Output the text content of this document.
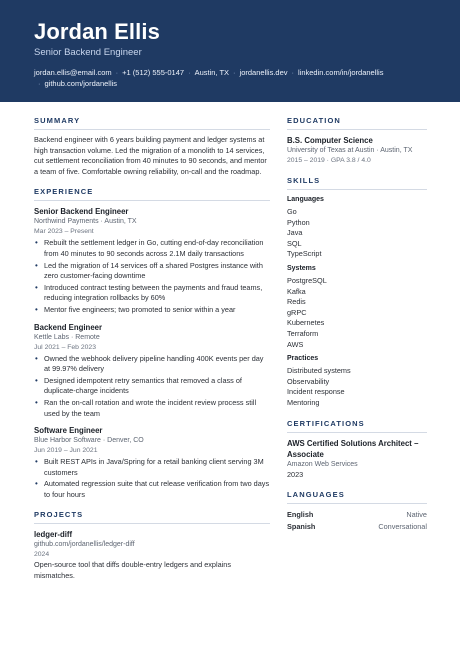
Jordan Ellis
Senior Backend Engineer
jordan.ellis@email.com · +1 (512) 555-0147 · Austin, TX · jordanellis.dev · linkedin.com/in/jordanellis
· github.com/jordanellis
SUMMARY
Backend engineer with 6 years building payment and ledger systems at high transaction volume. Led the migration of a monolith to 14 services, cut settlement reconciliation from 40 minutes to 90 seconds, and mentor a team of five. Comfortable owning reliability, on-call and the roadmap.
EXPERIENCE
Senior Backend Engineer
Northwind Payments · Austin, TX
Mar 2023 – Present
• Rebuilt the settlement ledger in Go, cutting end-of-day reconciliation from 40 minutes to 90 seconds across 2.1M daily transactions
• Led the migration of 14 services off a shared Postgres instance with zero customer-facing downtime
• Introduced contract testing between the payments and fraud teams, reducing integration rollbacks by 60%
• Mentor five engineers; two promoted to senior within a year
Backend Engineer
Kettle Labs · Remote
Jul 2021 – Feb 2023
• Owned the webhook delivery pipeline handling 400K events per day at 99.97% delivery
• Designed idempotent retry semantics that removed a class of duplicate-charge incidents
• Ran the on-call rotation and wrote the incident review process still used by the team
Software Engineer
Blue Harbor Software · Denver, CO
Jun 2019 – Jun 2021
• Built REST APIs in Java/Spring for a retail banking client serving 3M customers
• Automated regression suite that cut release verification from two days to four hours
PROJECTS
ledger-diff
github.com/jordanellis/ledger-diff
2024
Open-source tool that diffs double-entry ledgers and explains mismatches.
EDUCATION
B.S. Computer Science
University of Texas at Austin · Austin, TX
2015 – 2019 · GPA 3.8 / 4.0
SKILLS
Languages
Go
Python
Java
SQL
TypeScript
Systems
PostgreSQL
Kafka
Redis
gRPC
Kubernetes
Terraform
AWS
Practices
Distributed systems
Observability
Incident response
Mentoring
CERTIFICATIONS
AWS Certified Solutions Architect – Associate
Amazon Web Services
2023
LANGUAGES
English	Native
Spanish	Conversational
